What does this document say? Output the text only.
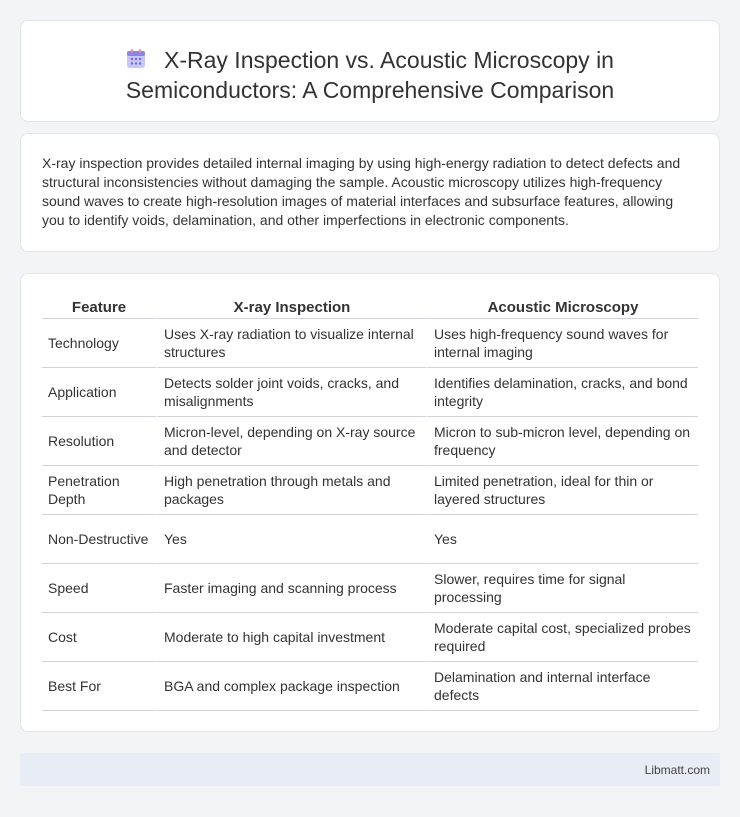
X-Ray Inspection vs. Acoustic Microscopy in
Semiconductors: A Comprehensive Comparison

X-ray inspection provides detailed internal imaging by using high-energy radiation to detect defects and structural inconsistencies without damaging the sample. Acoustic microscopy utilizes high-frequency sound waves to create high-resolution images of material interfaces and subsurface features, allowing you to identify voids, delamination, and other imperfections in electronic components.

Feature	X-ray Inspection	Acoustic Microscopy
Technology	Uses X-ray radiation to visualize internal structures	Uses high-frequency sound waves for internal imaging
Application	Detects solder joint voids, cracks, and misalignments	Identifies delamination, cracks, and bond integrity
Resolution	Micron-level, depending on X-ray source and detector	Micron to sub-micron level, depending on frequency
Penetration Depth	High penetration through metals and packages	Limited penetration, ideal for thin or layered structures
Non-Destructive	Yes	Yes
Speed	Faster imaging and scanning process	Slower, requires time for signal processing
Cost	Moderate to high capital investment	Moderate capital cost, specialized probes required
Best For	BGA and complex package inspection	Delamination and internal interface defects
Libmatt.com
